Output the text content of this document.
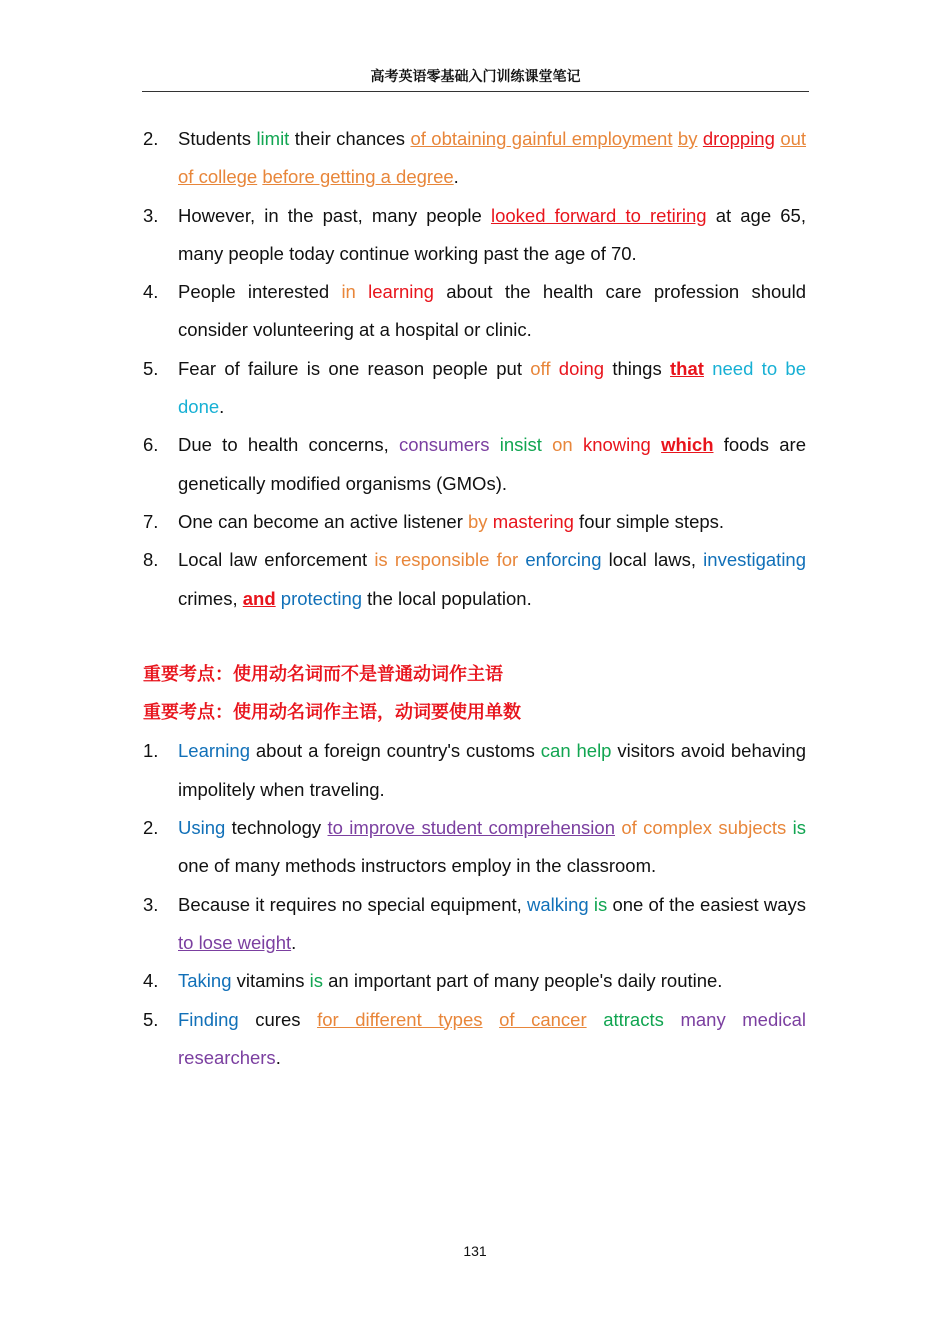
高考英语零基础入门训练课堂笔记
2. Students limit their chances of obtaining gainful employment by dropping out of college before getting a degree.
3. However, in the past, many people looked forward to retiring at age 65, many people today continue working past the age of 70.
4. People interested in learning about the health care profession should consider volunteering at a hospital or clinic.
5. Fear of failure is one reason people put off doing things that need to be done.
6. Due to health concerns, consumers insist on knowing which foods are genetically modified organisms (GMOs).
7. One can become an active listener by mastering four simple steps.
8. Local law enforcement is responsible for enforcing local laws, investigating crimes, and protecting the local population.
重要考点：使用动名词而不是普通动词作主语
重要考点：使用动名词作主语，动词要使用单数
1. Learning about a foreign country's customs can help visitors avoid behaving impolitely when traveling.
2. Using technology to improve student comprehension of complex subjects is one of many methods instructors employ in the classroom.
3. Because it requires no special equipment, walking is one of the easiest ways to lose weight.
4. Taking vitamins is an important part of many people's daily routine.
5. Finding cures for different types of cancer attracts many medical researchers.
131
